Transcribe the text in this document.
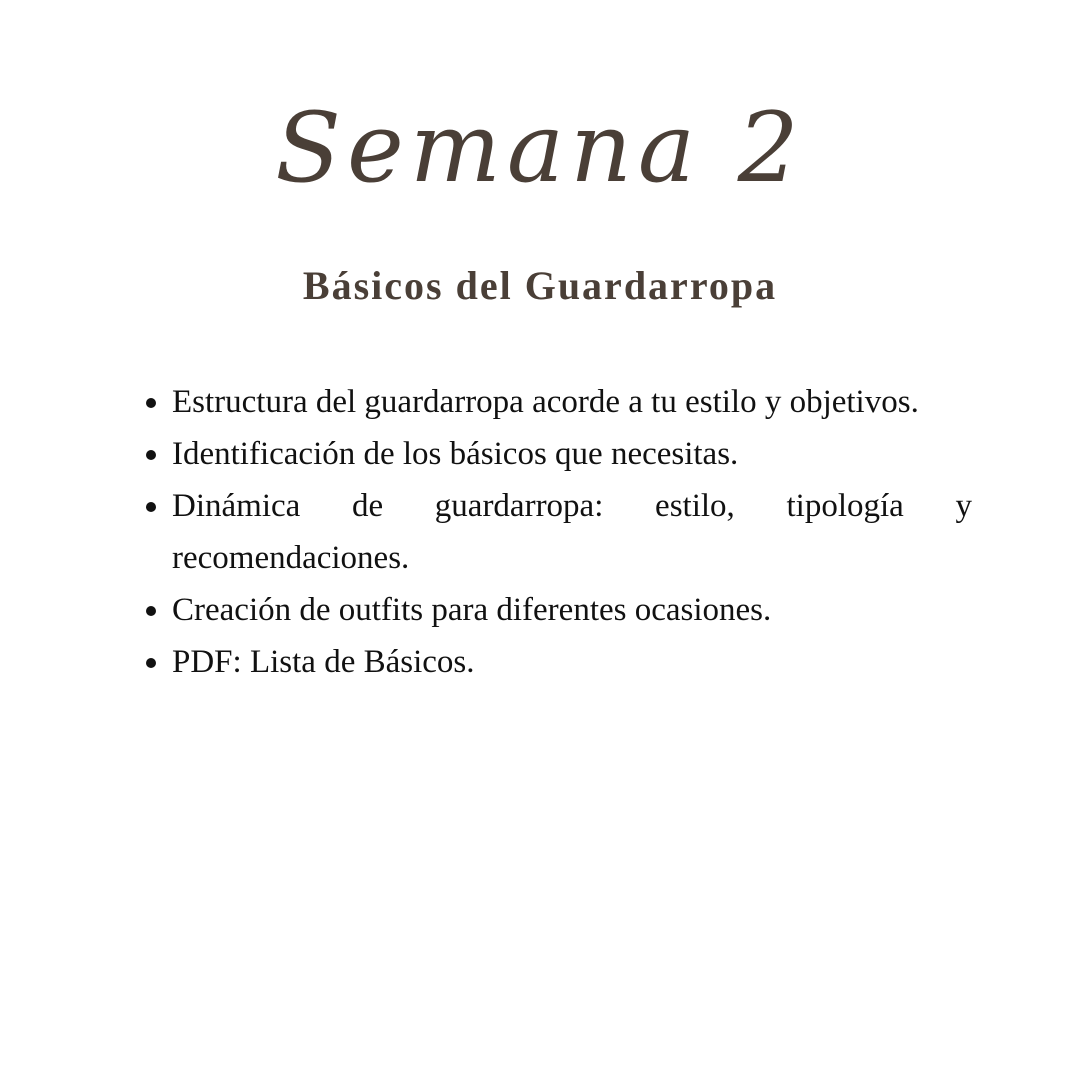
Semana 2
Básicos del Guardarropa
Estructura del guardarropa acorde a tu estilo y objetivos.
Identificación de los básicos que necesitas.
Dinámica de guardarropa: estilo, tipología y recomendaciones.
Creación de outfits para diferentes ocasiones.
PDF: Lista de Básicos.
